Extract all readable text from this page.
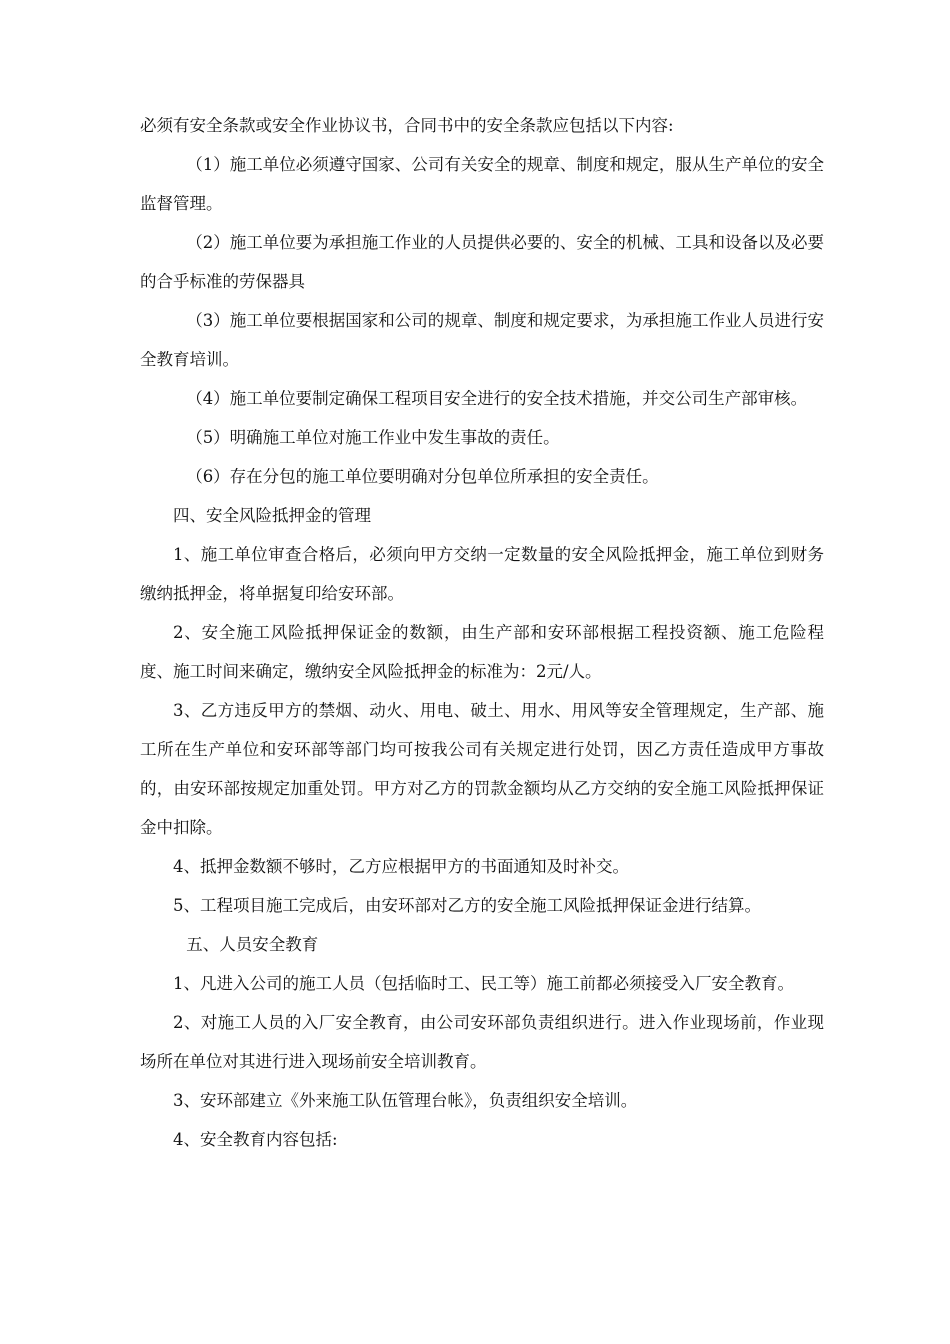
必须有安全条款或安全作业协议书，合同书中的安全条款应包括以下内容:

（1）施工单位必须遵守国家、公司有关安全的规章、制度和规定，服从生产单位的安全监督管理。

（2）施工单位要为承担施工作业的人员提供必要的、安全的机械、工具和设备以及必要的合乎标准的劳保器具

（3）施工单位要根据国家和公司的规章、制度和规定要求，为承担施工作业人员进行安全教育培训。

（4）施工单位要制定确保工程项目安全进行的安全技术措施，并交公司生产部审核。

（5）明确施工单位对施工作业中发生事故的责任。

（6）存在分包的施工单位要明确对分包单位所承担的安全责任。

四、安全风险抵押金的管理

1、施工单位审查合格后，必须向甲方交纳一定数量的安全风险抵押金，施工单位到财务缴纳抵押金，将单据复印给安环部。

2、安全施工风险抵押保证金的数额，由生产部和安环部根据工程投资额、施工危险程度、施工时间来确定，缴纳安全风险抵押金的标准为：2元/人。

3、乙方违反甲方的禁烟、动火、用电、破土、用水、用风等安全管理规定，生产部、施工所在生产单位和安环部等部门均可按我公司有关规定进行处罚，因乙方责任造成甲方事故的，由安环部按规定加重处罚。甲方对乙方的罚款金额均从乙方交纳的安全施工风险抵押保证金中扣除。

4、抵押金数额不够时，乙方应根据甲方的书面通知及时补交。

5、工程项目施工完成后，由安环部对乙方的安全施工风险抵押保证金进行结算。

五、人员安全教育

1、凡进入公司的施工人员（包括临时工、民工等）施工前都必须接受入厂安全教育。

2、对施工人员的入厂安全教育，由公司安环部负责组织进行。进入作业现场前，作业现场所在单位对其进行进入现场前安全培训教育。

3、安环部建立《外来施工队伍管理台帐》，负责组织安全培训。

4、安全教育内容包括:
